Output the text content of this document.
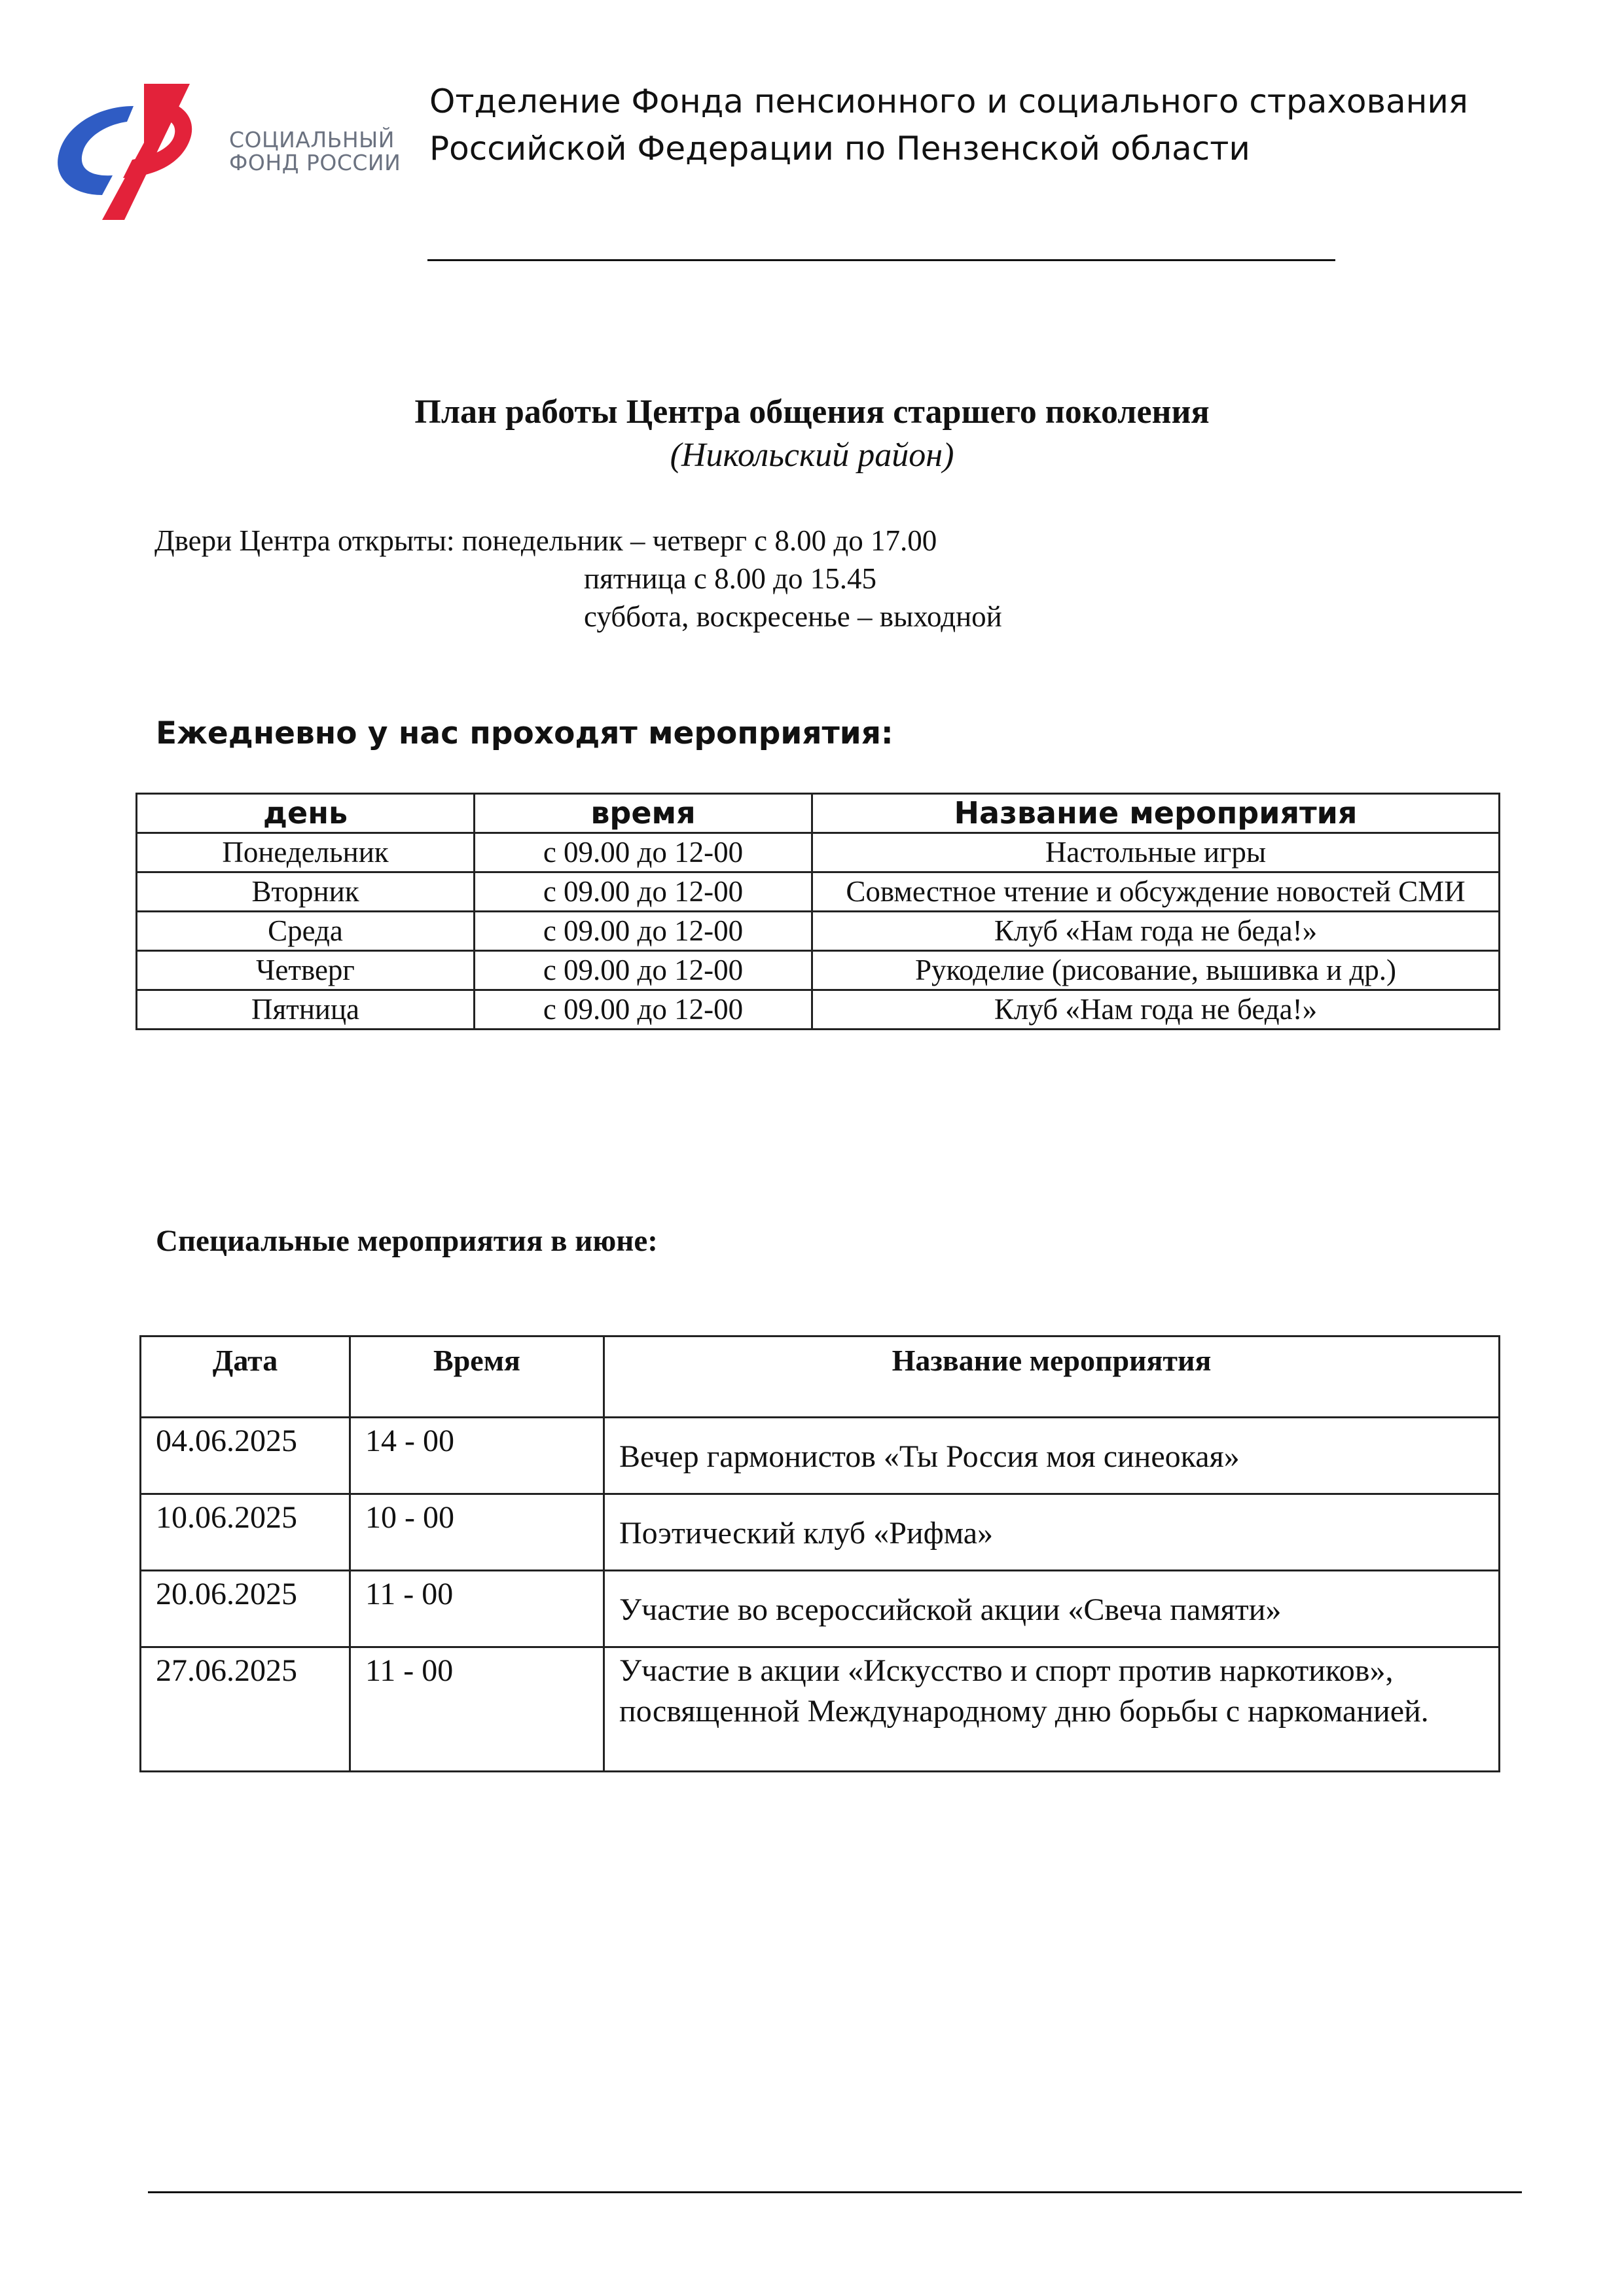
СОЦИАЛЬНЫЙ
ФОНД РОССИИ
Отделение Фонда пенсионного и социального страхования
Российской Федерации по Пензенской области
План работы Центра общения старшего поколения
(Никольский район)
Двери Центра открыты: понедельник – четверг с 8.00 до 17.00
пятница с 8.00 до 15.45
суббота, воскресенье – выходной
Ежедневно у нас проходят мероприятия:
день	время	Название мероприятия
Понедельник	с 09.00 до 12-00	Настольные игры
Вторник	с 09.00 до 12-00	Совместное чтение и обсуждение новостей СМИ
Среда	с 09.00 до 12-00	Клуб «Нам года не беда!»
Четверг	с 09.00 до 12-00	Рукоделие (рисование, вышивка и др.)
Пятница	с 09.00 до 12-00	Клуб «Нам года не беда!»
Специальные мероприятия в июне:
Дата	Время	Название мероприятия
04.06.2025	14 - 00	Вечер гармонистов «Ты Россия моя синеокая»
10.06.2025	10 - 00	Поэтический клуб «Рифма»
20.06.2025	11 - 00	Участие во всероссийской акции «Свеча памяти»
27.06.2025	11 - 00	Участие в акции «Искусство и спорт против наркотиков», посвященной Международному дню борьбы с наркоманией.
